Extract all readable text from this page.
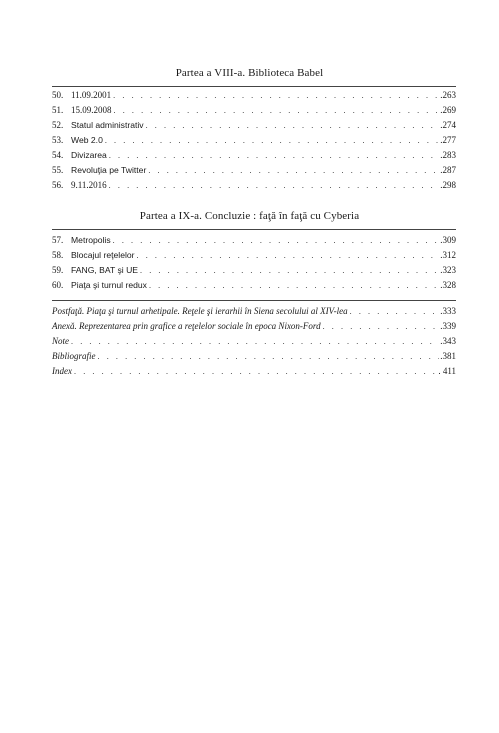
Partea a VIII-a. Biblioteca Babel
50. 11.09.2001 . . .	.263
51. 15.09.2008 . . .	.269
52. Statul administrativ . . .	.274
53. Web 2.0 . . .	.277
54. Divizarea . . .	.283
55. Revoluţia pe Twitter . . .	.287
56. 9.11.2016 . . .	.298
Partea a IX-a. Concluzie : faţă în faţă cu Cyberia
57. Metropolis . . .	.309
58. Blocajul reţelelor . . .	.312
59. FANG, BAT şi UE . . .	.323
60. Piaţa şi turnul redux . . .	.328
Postfaţă. Piaţa şi turnul arhetipale. Reţele şi ierarhii în Siena secolului al XIV-lea . . .	.333
Anexă. Reprezentarea prin grafice a reţelelor sociale în epoca Nixon-Ford . . .	.339
Note . . .	.343
Bibliografie . . .	.381
Index . . .	. 411
